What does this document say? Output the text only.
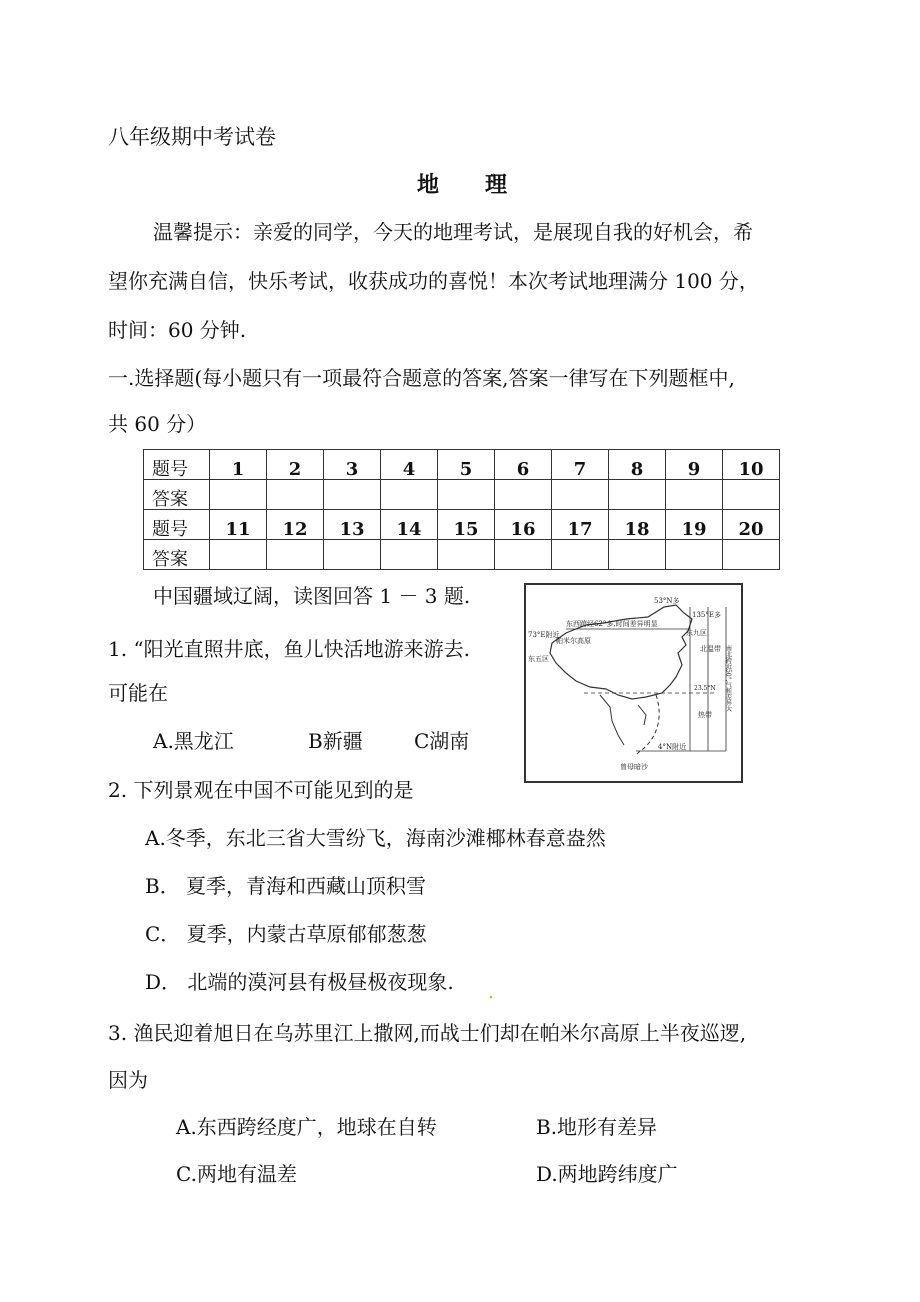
八年级期中考试卷
地 理
温馨提示：亲爱的同学，今天的地理考试，是展现自我的好机会，希
望你充满自信，快乐考试，收获成功的喜悦！本次考试地理满分 100 分，
时间：60 分钟.
一.选择题(每小题只有一项最符合题意的答案,答案一律写在下列题框中,
共 60 分）
题号	1	2	3	4	5	6	7	8	9	10
答案										
题号	11	12	13	14	15	16	17	18	19	20
答案										
中国疆域辽阔，读图回答 1 － 3 题.	53°N多
135°E多
东西跨经62°多,时间差异明显
73°E附近
帕米尔高原
东九区
东五区
北温带
23.5°N
热带
南北跨近50°,气候差异大
4°N附近
曾母暗沙
1. “阳光直照井底，鱼儿快活地游来游去.
可能在
A.黑龙江	B新疆	C湖南
2. 下列景观在中国不可能见到的是
A.冬季，东北三省大雪纷飞，海南沙滩椰林春意盎然
B． 夏季，青海和西藏山顶积雪
C． 夏季，内蒙古草原郁郁葱葱
D． 北端的漠河县有极昼极夜现象. .
3. 渔民迎着旭日在乌苏里江上撒网,而战士们却在帕米尔高原上半夜巡逻,
因为
A.东西跨经度广，地球在自转	B.地形有差异
C.两地有温差	D.两地跨纬度广
